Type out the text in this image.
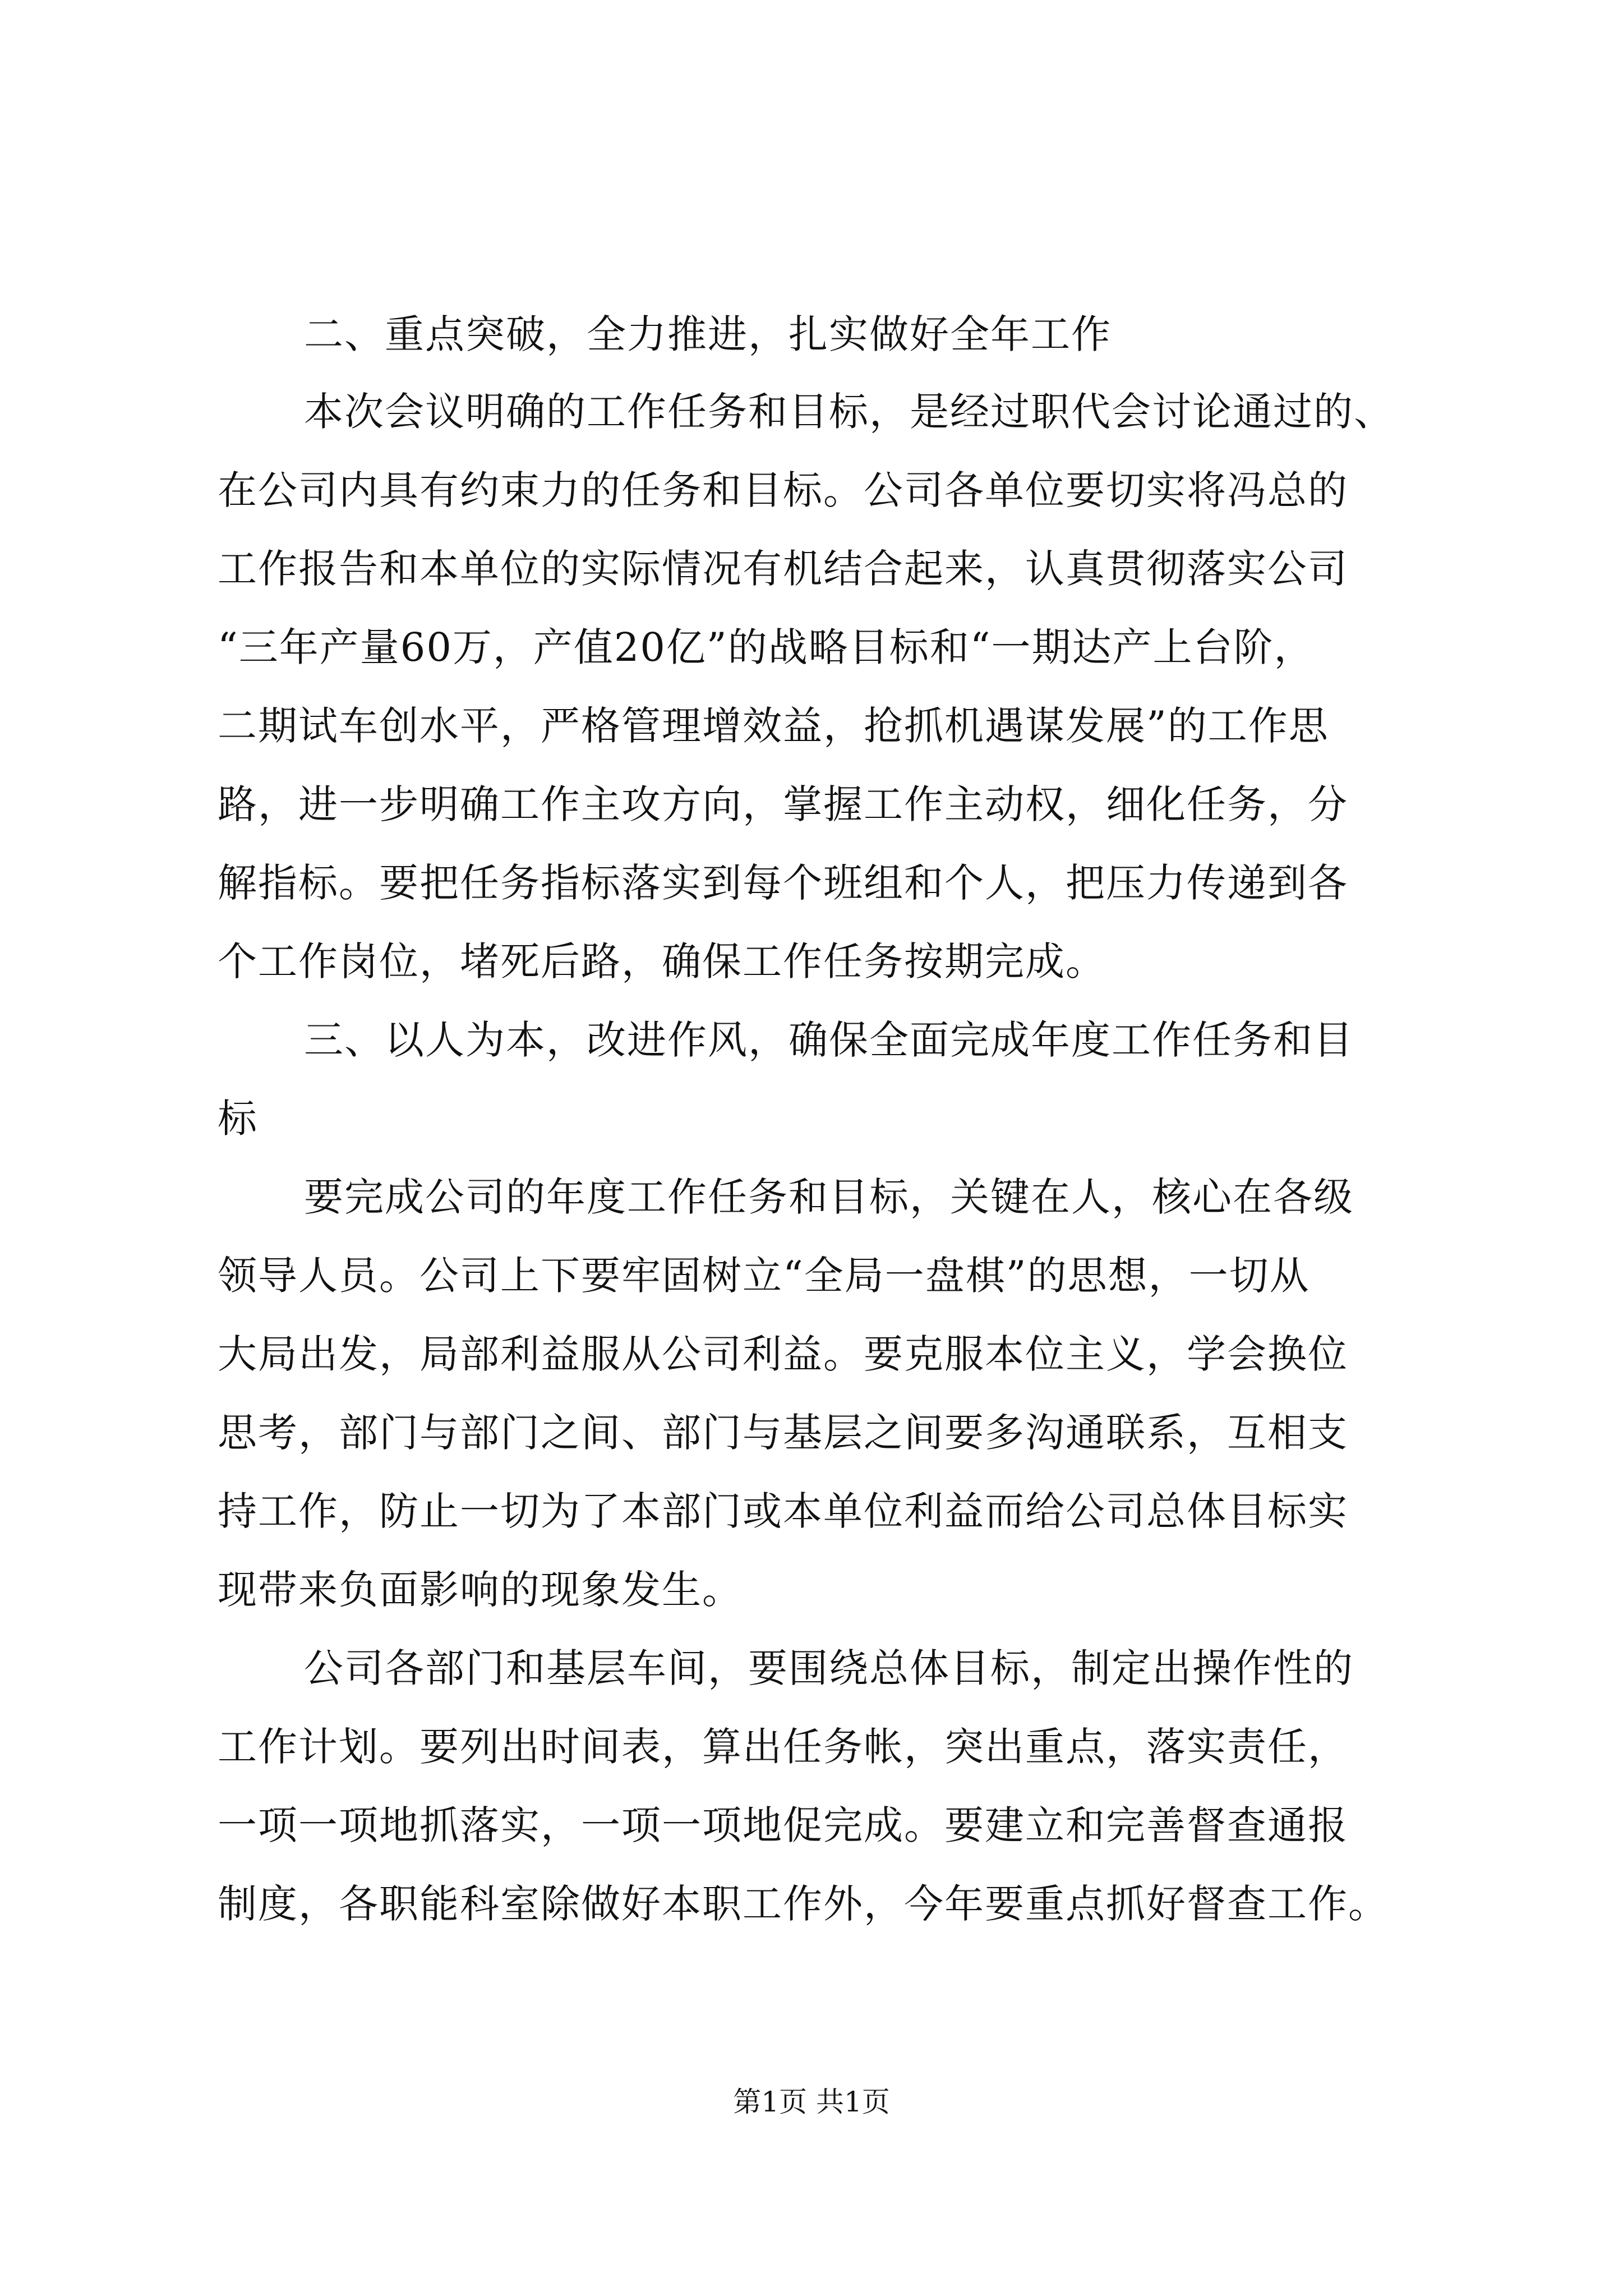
二、重点突破，全力推进，扎实做好全年工作
本次会议明确的工作任务和目标，是经过职代会讨论通过的、
在公司内具有约束力的任务和目标。公司各单位要切实将冯总的
工作报告和本单位的实际情况有机结合起来，认真贯彻落实公司
“三年产量60万，产值20亿”的战略目标和“一期达产上台阶，
二期试车创水平，严格管理增效益，抢抓机遇谋发展”的工作思
路，进一步明确工作主攻方向，掌握工作主动权，细化任务，分
解指标。要把任务指标落实到每个班组和个人，把压力传递到各
个工作岗位，堵死后路，确保工作任务按期完成。
三、以人为本，改进作风，确保全面完成年度工作任务和目
标
要完成公司的年度工作任务和目标，关键在人，核心在各级
领导人员。公司上下要牢固树立“全局一盘棋”的思想，一切从
大局出发，局部利益服从公司利益。要克服本位主义，学会换位
思考，部门与部门之间、部门与基层之间要多沟通联系，互相支
持工作，防止一切为了本部门或本单位利益而给公司总体目标实
现带来负面影响的现象发生。
公司各部门和基层车间，要围绕总体目标，制定出操作性的
工作计划。要列出时间表，算出任务帐，突出重点，落实责任，
一项一项地抓落实，一项一项地促完成。要建立和完善督查通报
制度，各职能科室除做好本职工作外，今年要重点抓好督查工作。
第1页 共1页
